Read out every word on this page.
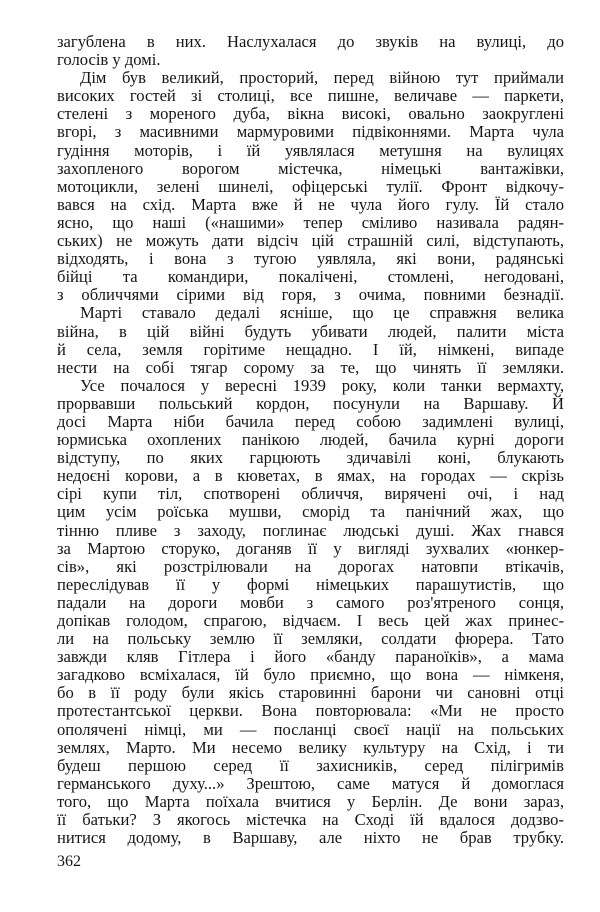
загублена в них. Наслухалася до звуків на вулиці, до
голосів у домі.
Дім був великий, просторий, перед війною тут приймали
високих гостей зі столиці, все пишне, величаве — паркети,
стелені з мореного дуба, вікна високі, овально заокруглені
вгорі, з масивними мармуровими підвіконнями. Марта чула
гудіння моторів, і їй уявлялася метушня на вулицях
захопленого ворогом містечка, німецькі вантажівки,
мотоцикли, зелені шинелі, офіцерські тулії. Фронт відкочу-
вався на схід. Марта вже й не чула його гулу. Їй стало
ясно, що наші («нашими» тепер сміливо називала радян-
ських) не можуть дати відсіч цій страшній силі, відступають,
відходять, і вона з тугою уявляла, які вони, радянські
бійці та командири, покалічені, стомлені, негодовані,
з обличчями сірими від горя, з очима, повними безнадії.
Марті ставало дедалі ясніше, що це справжня велика
війна, в цій війні будуть убивати людей, палити міста
й села, земля горітиме нещадно. І їй, німкені, випаде
нести на собі тягар сорому за те, що чинять її земляки.
Усе почалося у вересні 1939 року, коли танки вермахту,
прорвавши польський кордон, посунули на Варшаву. Й
досі Марта ніби бачила перед собою задимлені вулиці,
юрмиська охоплених панікою людей, бачила курні дороги
відступу, по яких гарцюють здичавілі коні, блукають
недоєні корови, а в кюветах, в ямах, на городах — скрізь
сірі купи тіл, спотворені обличчя, вирячені очі, і над
цим усім роїська мушви, сморід та панічний жах, що
тінню пливе з заходу, поглинає людські душі. Жах гнався
за Мартою сторуко, доганяв її у вигляді зухвалих «юнкер-
сів», які розстрілювали на дорогах натовпи втікачів,
переслідував її у формі німецьких парашутистів, що
падали на дороги мовби з самого роз'ятреного сонця,
допікав голодом, спрагою, відчаєм. І весь цей жах принес-
ли на польську землю її земляки, солдати фюрера. Тато
завжди кляв Гітлера і його «банду параноїків», а мама
загадково всміхалася, їй було приємно, що вона — німкеня,
бо в її роду були якісь старовинні барони чи сановні отці
протестантської церкви. Вона повторювала: «Ми не просто
ополячені німці, ми — посланці своєї нації на польських
землях, Марто. Ми несемо велику культуру на Схід, і ти
будеш першою серед її захисників, серед пілігримів
германського духу...» Зрештою, саме матуся й домоглася
того, що Марта поїхала вчитися у Берлін. Де вони зараз,
її батьки? З якогось містечка на Сході їй вдалося додзво-
нитися додому, в Варшаву, але ніхто не брав трубку.
362
